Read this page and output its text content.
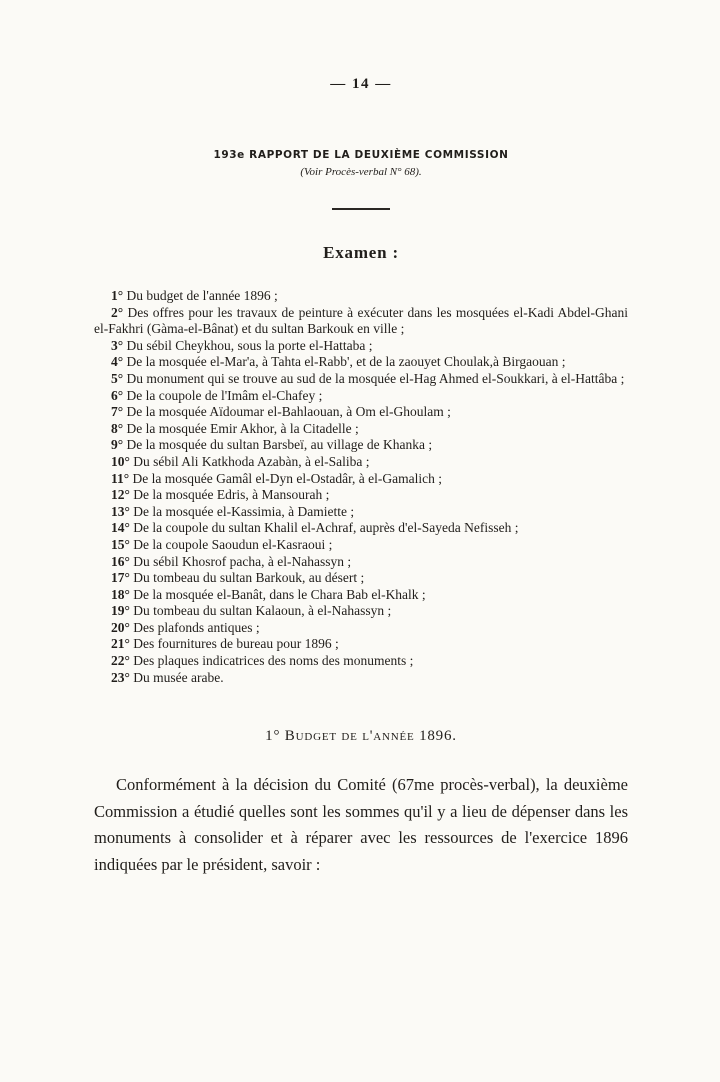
— 14 —
193e RAPPORT DE LA DEUXIÈME COMMISSION
(Voir Procès-verbal N° 68).
Examen :

1° Du budget de l'année 1896 ;

2° Des offres pour les travaux de peinture à exécuter dans les mosquées el-Kadi Abdel-Ghani el-Fakhri (Gàma-el-Bânat) et du sultan Barkouk en ville ;

3° Du sébil Cheykhou, sous la porte el-Hattaba ;

4° De la mosquée el-Mar'a, à Tahta el-Rabb', et de la zaouyet Choulak,à Birgaouan ;

5° Du monument qui se trouve au sud de la mosquée el-Hag Ahmed el-Soukkari, à el-Hattâba ;

6° De la coupole de l'Imâm el-Chafey ;

7° De la mosquée Aïdoumar el-Bahlaouan, à Om el-Ghoulam ;

8° De la mosquée Emir Akhor, à la Citadelle ;

9° De la mosquée du sultan Barsbeï, au village de Khanka ;

10° Du sébil Ali Katkhoda Azabàn, à el-Saliba ;

11° De la mosquée Gamâl el-Dyn el-Ostadâr, à el-Gamalich ;

12° De la mosquée Edris, à Mansourah ;

13° De la mosquée el-Kassimia, à Damiette ;

14° De la coupole du sultan Khalil el-Achraf, auprès d'el-Sayeda Nefisseh ;

15° De la coupole Saoudun el-Kasraoui ;

16° Du sébil Khosrof pacha, à el-Nahassyn ;

17° Du tombeau du sultan Barkouk, au désert ;

18° De la mosquée el-Banât, dans le Chara Bab el-Khalk ;

19° Du tombeau du sultan Kalaoun, à el-Nahassyn ;

20° Des plafonds antiques ;

21° Des fournitures de bureau pour 1896 ;

22° Des plaques indicatrices des noms des monuments ;

23° Du musée arabe.

1° Budget de l'année 1896.

Conformément à la décision du Comité (67me procès-verbal), la deuxième Commission a étudié quelles sont les sommes qu'il y a lieu de dépenser dans les monuments à consolider et à réparer avec les ressources de l'exercice 1896 indiquées par le président, savoir :
